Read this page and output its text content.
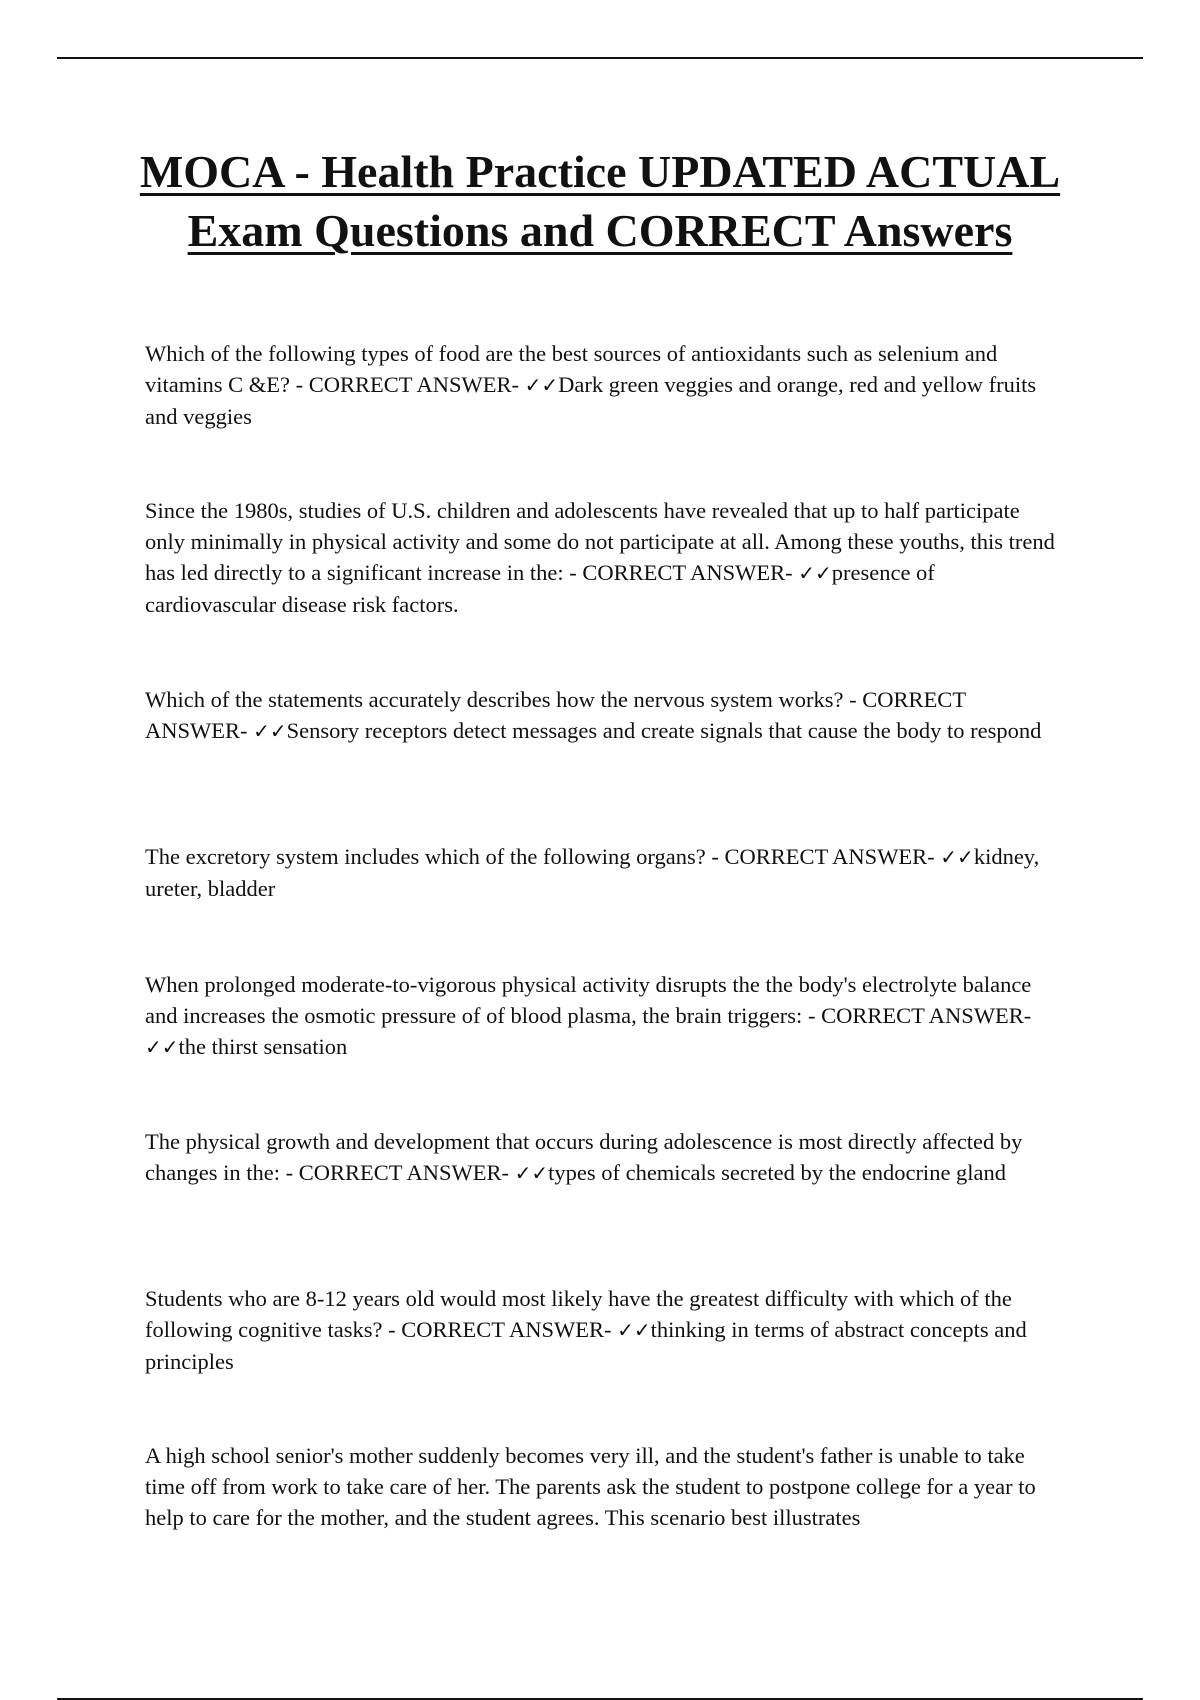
MOCA - Health Practice UPDATED ACTUAL Exam Questions and CORRECT Answers

Which of the following types of food are the best sources of antioxidants such as selenium and vitamins C &E? - CORRECT ANSWER- ✓✓Dark green veggies and orange, red and yellow fruits and veggies

Since the 1980s, studies of U.S. children and adolescents have revealed that up to half participate only minimally in physical activity and some do not participate at all. Among these youths, this trend has led directly to a significant increase in the: - CORRECT ANSWER- ✓✓presence of cardiovascular disease risk factors.

Which of the statements accurately describes how the nervous system works? - CORRECT ANSWER- ✓✓Sensory receptors detect messages and create signals that cause the body to respond

The excretory system includes which of the following organs? - CORRECT ANSWER- ✓✓kidney, ureter, bladder

When prolonged moderate-to-vigorous physical activity disrupts the the body's electrolyte balance and increases the osmotic pressure of of blood plasma, the brain triggers: - CORRECT ANSWER- ✓✓the thirst sensation

The physical growth and development that occurs during adolescence is most directly affected by changes in the: - CORRECT ANSWER- ✓✓types of chemicals secreted by the endocrine gland

Students who are 8-12 years old would most likely have the greatest difficulty with which of the following cognitive tasks? - CORRECT ANSWER- ✓✓thinking in terms of abstract concepts and principles

A high school senior's mother suddenly becomes very ill, and the student's father is unable to take time off from work to take care of her. The parents ask the student to postpone college for a year to help to care for the mother, and the student agrees. This scenario best illustrates
